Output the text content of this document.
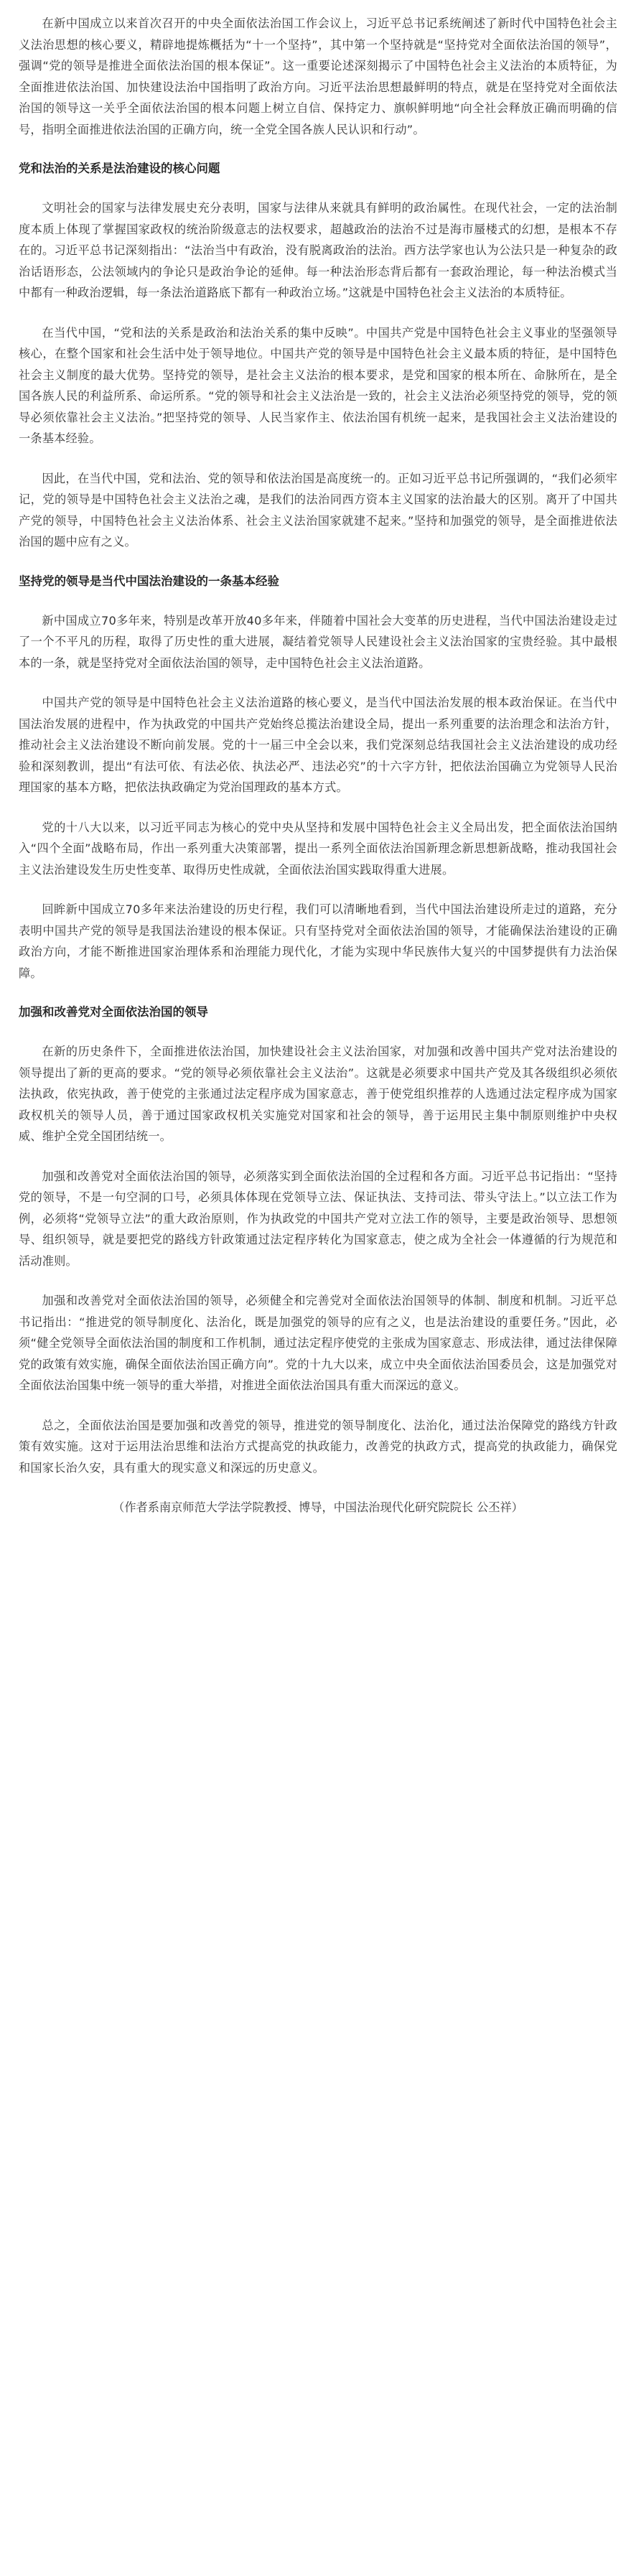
在新中国成立以来首次召开的中央全面依法治国工作会议上，习近平总书记系统阐述了新时代中国特色社会主义法治思想的核心要义，精辟地提炼概括为“十一个坚持”，其中第一个坚持就是“坚持党对全面依法治国的领导”，强调“党的领导是推进全面依法治国的根本保证”。这一重要论述深刻揭示了中国特色社会主义法治的本质特征，为全面推进依法治国、加快建设法治中国指明了政治方向。习近平法治思想最鲜明的特点，就是在坚持党对全面依法治国的领导这一关乎全面依法治国的根本问题上树立自信、保持定力、旗帜鲜明地“向全社会释放正确而明确的信号，指明全面推进依法治国的正确方向，统一全党全国各族人民认识和行动”。

党和法治的关系是法治建设的核心问题

文明社会的国家与法律发展史充分表明，国家与法律从来就具有鲜明的政治属性。在现代社会，一定的法治制度本质上体现了掌握国家政权的统治阶级意志的法权要求，超越政治的法治不过是海市蜃楼式的幻想，是根本不存在的。习近平总书记深刻指出：“法治当中有政治，没有脱离政治的法治。西方法学家也认为公法只是一种复杂的政治话语形态，公法领域内的争论只是政治争论的延伸。每一种法治形态背后都有一套政治理论，每一种法治模式当中都有一种政治逻辑，每一条法治道路底下都有一种政治立场。”这就是中国特色社会主义法治的本质特征。

在当代中国，“党和法的关系是政治和法治关系的集中反映”。中国共产党是中国特色社会主义事业的坚强领导核心，在整个国家和社会生活中处于领导地位。中国共产党的领导是中国特色社会主义最本质的特征，是中国特色社会主义制度的最大优势。坚持党的领导，是社会主义法治的根本要求，是党和国家的根本所在、命脉所在，是全国各族人民的利益所系、命运所系。“党的领导和社会主义法治是一致的，社会主义法治必须坚持党的领导，党的领导必须依靠社会主义法治。”把坚持党的领导、人民当家作主、依法治国有机统一起来，是我国社会主义法治建设的一条基本经验。

因此，在当代中国，党和法治、党的领导和依法治国是高度统一的。正如习近平总书记所强调的，“我们必须牢记，党的领导是中国特色社会主义法治之魂，是我们的法治同西方资本主义国家的法治最大的区别。离开了中国共产党的领导，中国特色社会主义法治体系、社会主义法治国家就建不起来。”坚持和加强党的领导，是全面推进依法治国的题中应有之义。

坚持党的领导是当代中国法治建设的一条基本经验

新中国成立70多年来，特别是改革开放40多年来，伴随着中国社会大变革的历史进程，当代中国法治建设走过了一个不平凡的历程，取得了历史性的重大进展，凝结着党领导人民建设社会主义法治国家的宝贵经验。其中最根本的一条，就是坚持党对全面依法治国的领导，走中国特色社会主义法治道路。

中国共产党的领导是中国特色社会主义法治道路的核心要义，是当代中国法治发展的根本政治保证。在当代中国法治发展的进程中，作为执政党的中国共产党始终总揽法治建设全局，提出一系列重要的法治理念和法治方针，推动社会主义法治建设不断向前发展。党的十一届三中全会以来，我们党深刻总结我国社会主义法治建设的成功经验和深刻教训，提出“有法可依、有法必依、执法必严、违法必究”的十六字方针，把依法治国确立为党领导人民治理国家的基本方略，把依法执政确定为党治国理政的基本方式。

党的十八大以来，以习近平同志为核心的党中央从坚持和发展中国特色社会主义全局出发，把全面依法治国纳入“四个全面”战略布局，作出一系列重大决策部署，提出一系列全面依法治国新理念新思想新战略，推动我国社会主义法治建设发生历史性变革、取得历史性成就，全面依法治国实践取得重大进展。

回眸新中国成立70多年来法治建设的历史行程，我们可以清晰地看到，当代中国法治建设所走过的道路，充分表明中国共产党的领导是我国法治建设的根本保证。只有坚持党对全面依法治国的领导，才能确保法治建设的正确政治方向，才能不断推进国家治理体系和治理能力现代化，才能为实现中华民族伟大复兴的中国梦提供有力法治保障。

加强和改善党对全面依法治国的领导

在新的历史条件下，全面推进依法治国，加快建设社会主义法治国家，对加强和改善中国共产党对法治建设的领导提出了新的更高的要求。“党的领导必须依靠社会主义法治”。这就是必须要求中国共产党及其各级组织必须依法执政，依宪执政，善于使党的主张通过法定程序成为国家意志，善于使党组织推荐的人选通过法定程序成为国家政权机关的领导人员，善于通过国家政权机关实施党对国家和社会的领导，善于运用民主集中制原则维护中央权威、维护全党全国团结统一。

加强和改善党对全面依法治国的领导，必须落实到全面依法治国的全过程和各方面。习近平总书记指出：“坚持党的领导，不是一句空洞的口号，必须具体体现在党领导立法、保证执法、支持司法、带头守法上。”以立法工作为例，必须将“党领导立法”的重大政治原则，作为执政党的中国共产党对立法工作的领导，主要是政治领导、思想领导、组织领导，就是要把党的路线方针政策通过法定程序转化为国家意志，使之成为全社会一体遵循的行为规范和活动准则。

加强和改善党对全面依法治国的领导，必须健全和完善党对全面依法治国领导的体制、制度和机制。习近平总书记指出：“推进党的领导制度化、法治化，既是加强党的领导的应有之义，也是法治建设的重要任务。”因此，必须“健全党领导全面依法治国的制度和工作机制，通过法定程序使党的主张成为国家意志、形成法律，通过法律保障党的政策有效实施，确保全面依法治国正确方向”。党的十九大以来，成立中央全面依法治国委员会，这是加强党对全面依法治国集中统一领导的重大举措，对推进全面依法治国具有重大而深远的意义。

总之，全面依法治国是要加强和改善党的领导，推进党的领导制度化、法治化，通过法治保障党的路线方针政策有效实施。这对于运用法治思维和法治方式提高党的执政能力，改善党的执政方式，提高党的执政能力，确保党和国家长治久安，具有重大的现实意义和深远的历史意义。

（作者系南京师范大学法学院教授、博导，中国法治现代化研究院院长 公丕祥）
